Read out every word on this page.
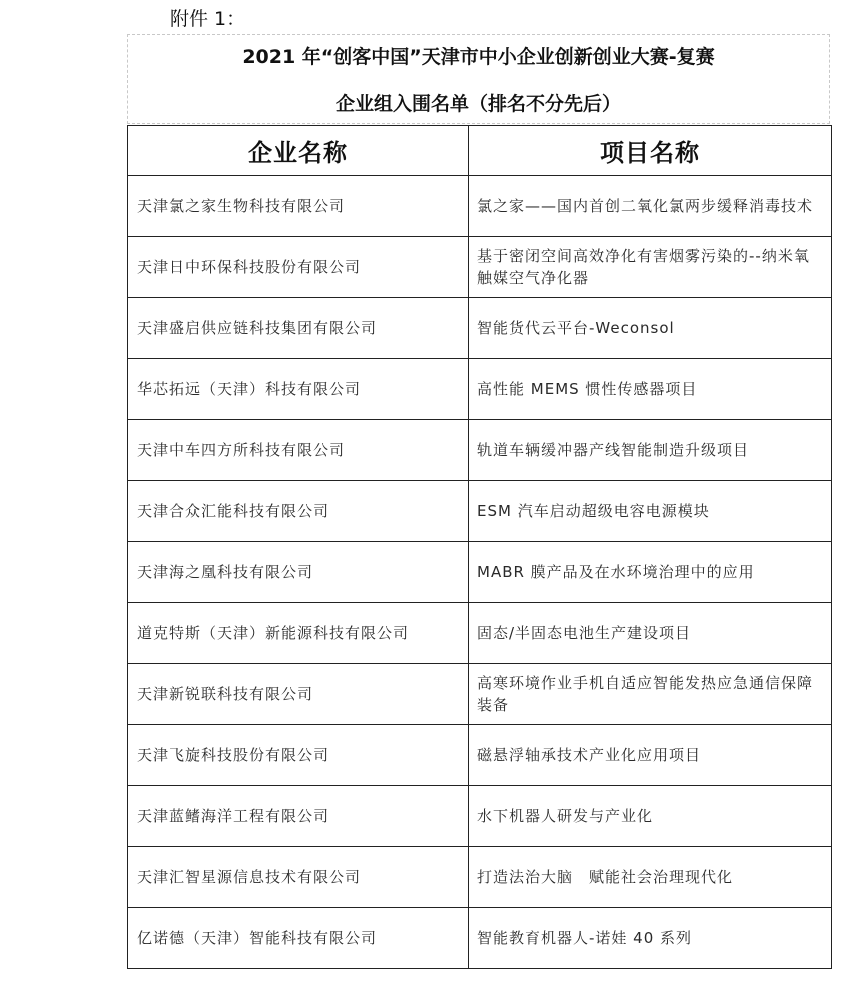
附件 1：
2021 年“创客中国”天津市中小企业创新创业大赛-复赛
企业组入围名单（排名不分先后）
企业名称	项目名称
天津氯之家生物科技有限公司	氯之家——国内首创二氧化氯两步缓释消毒技术
天津日中环保科技股份有限公司	基于密闭空间高效净化有害烟雾污染的--纳米氧触媒空气净化器
天津盛启供应链科技集团有限公司	智能货代云平台-Weconsol
华芯拓远（天津）科技有限公司	高性能 MEMS 惯性传感器项目
天津中车四方所科技有限公司	轨道车辆缓冲器产线智能制造升级项目
天津合众汇能科技有限公司	ESM 汽车启动超级电容电源模块
天津海之凰科技有限公司	MABR 膜产品及在水环境治理中的应用
道克特斯（天津）新能源科技有限公司	固态/半固态电池生产建设项目
天津新锐联科技有限公司	高寒环境作业手机自适应智能发热应急通信保障装备
天津飞旋科技股份有限公司	磁悬浮轴承技术产业化应用项目
天津蓝鳍海洋工程有限公司	水下机器人研发与产业化
天津汇智星源信息技术有限公司	打造法治大脑　赋能社会治理现代化
亿诺德（天津）智能科技有限公司	智能教育机器人-诺娃 40 系列
